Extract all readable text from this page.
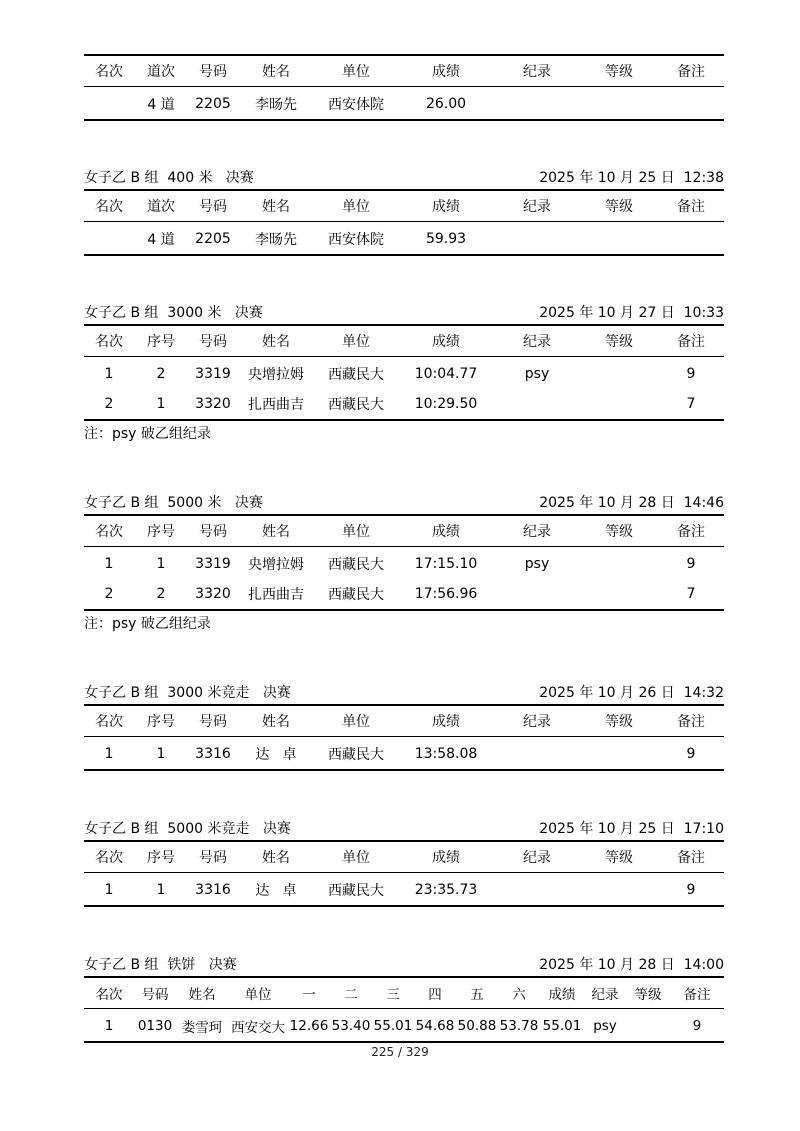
名次	道次	号码	姓名	单位	成绩	纪录	等级	备注
	4 道	2205	李旸先	西安体院	26.00			
女子乙 B 组  400 米   决赛	2025 年 10 月 25 日  12:38
名次	道次	号码	姓名	单位	成绩	纪录	等级	备注
	4 道	2205	李旸先	西安体院	59.93			
女子乙 B 组  3000 米   决赛	2025 年 10 月 27 日  10:33
名次	序号	号码	姓名	单位	成绩	纪录	等级	备注
1	2	3319	央增拉姆	西藏民大	10:04.77	psy		9
2	1	3320	扎西曲吉	西藏民大	10:29.50			7
注：psy 破乙组纪录
女子乙 B 组  5000 米   决赛	2025 年 10 月 28 日  14:46
名次	序号	号码	姓名	单位	成绩	纪录	等级	备注
1	1	3319	央增拉姆	西藏民大	17:15.10	psy		9
2	2	3320	扎西曲吉	西藏民大	17:56.96			7
注：psy 破乙组纪录
女子乙 B 组  3000 米竞走   决赛	2025 年 10 月 26 日  14:32
名次	序号	号码	姓名	单位	成绩	纪录	等级	备注
1	1	3316	达   卓	西藏民大	13:58.08			9
女子乙 B 组  5000 米竞走   决赛	2025 年 10 月 25 日  17:10
名次	序号	号码	姓名	单位	成绩	纪录	等级	备注
1	1	3316	达   卓	西藏民大	23:35.73			9
女子乙 B 组  铁饼   决赛	2025 年 10 月 28 日  14:00
名次	号码	姓名	单位	一	二	三	四	五	六	成绩	纪录	等级	备注
1	0130	娄雪珂	西安交大	12.66	53.40	55.01	54.68	50.88	53.78	55.01	psy		9
225 / 329
